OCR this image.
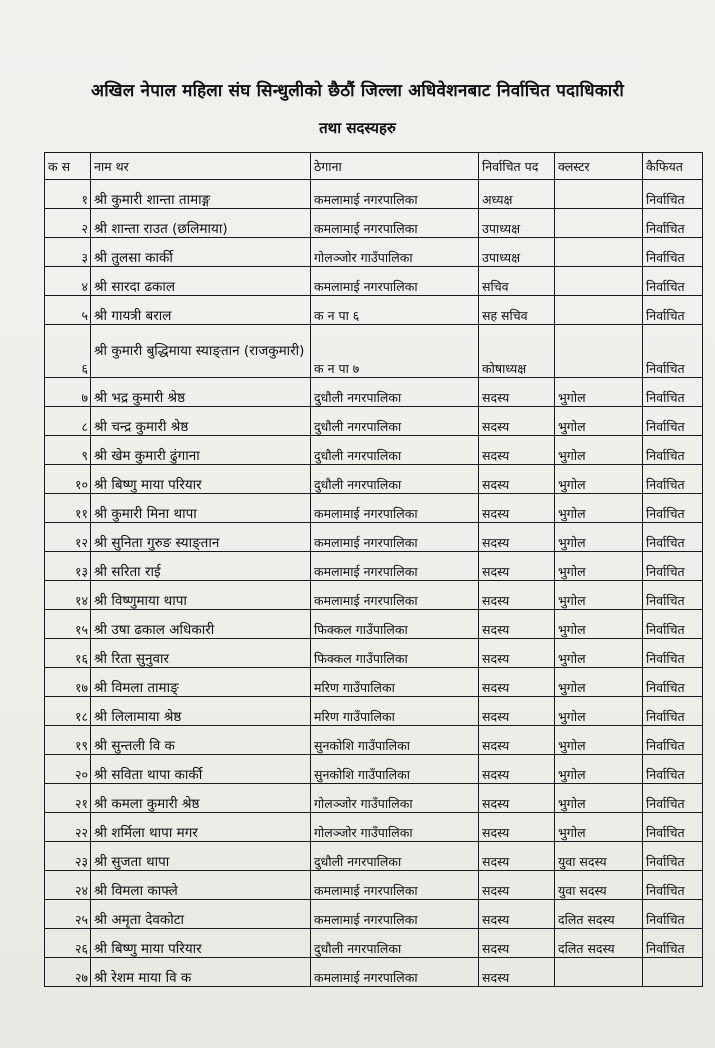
अखिल नेपाल महिला संघ सिन्धुलीको छैठौं जिल्ला अधिवेशनबाट निर्वाचित पदाधिकारी
तथा सदस्यहरु
क स	नाम थर	ठेगाना	निर्वाचित पद	क्लस्टर	कैफियत
१	श्री कुमारी शान्ता तामाङ्ग	कमलामाई नगरपालिका	अध्यक्ष		निर्वाचित
२	श्री शान्ता राउत (छलिमाया)	कमलामाई नगरपालिका	उपाध्यक्ष		निर्वाचित
३	श्री तुलसा कार्की	गोलञ्जोर गाउँपालिका	उपाध्यक्ष		निर्वाचित
४	श्री सारदा ढकाल	कमलामाई नगरपालिका	सचिव		निर्वाचित
५	श्री गायत्री बराल	क न पा ६	सह सचिव		निर्वाचित
६	श्री कुमारी बुद्धिमाया स्याङ्तान (राजकुमारी)	क न पा ७	कोषाध्यक्ष		निर्वाचित
७	श्री भद्र कुमारी श्रेष्ठ	दुधौली नगरपालिका	सदस्य	भुगोल	निर्वाचित
८	श्री चन्द्र कुमारी श्रेष्ठ	दुधौली नगरपालिका	सदस्य	भुगोल	निर्वाचित
९	श्री खेम कुमारी ढुंगाना	दुधौली नगरपालिका	सदस्य	भुगोल	निर्वाचित
१०	श्री बिष्णु माया परियार	दुधौली नगरपालिका	सदस्य	भुगोल	निर्वाचित
११	श्री कुमारी मिना थापा	कमलामाई नगरपालिका	सदस्य	भुगोल	निर्वाचित
१२	श्री सुनिता गुरुङ स्याङ्तान	कमलामाई नगरपालिका	सदस्य	भुगोल	निर्वाचित
१३	श्री सरिता राई	कमलामाई नगरपालिका	सदस्य	भुगोल	निर्वाचित
१४	श्री विष्णुमाया थापा	कमलामाई नगरपालिका	सदस्य	भुगोल	निर्वाचित
१५	श्री उषा ढकाल अधिकारी	फिक्कल गाउँपालिका	सदस्य	भुगोल	निर्वाचित
१६	श्री रिता सुनुवार	फिक्कल गाउँपालिका	सदस्य	भुगोल	निर्वाचित
१७	श्री विमला तामाङ्	मरिण गाउँपालिका	सदस्य	भुगोल	निर्वाचित
१८	श्री लिलामाया श्रेष्ठ	मरिण गाउँपालिका	सदस्य	भुगोल	निर्वाचित
१९	श्री सुन्तली वि क	सुनकोशि गाउँपालिका	सदस्य	भुगोल	निर्वाचित
२०	श्री सविता थापा कार्की	सुनकोशि गाउँपालिका	सदस्य	भुगोल	निर्वाचित
२१	श्री कमला कुमारी श्रेष्ठ	गोलञ्जोर गाउँपालिका	सदस्य	भुगोल	निर्वाचित
२२	श्री शर्मिला थापा मगर	गोलञ्जोर गाउँपालिका	सदस्य	भुगोल	निर्वाचित
२३	श्री सुजता थापा	दुधौली नगरपालिका	सदस्य	युवा सदस्य	निर्वाचित
२४	श्री विमला काफ्ले	कमलामाई नगरपालिका	सदस्य	युवा सदस्य	निर्वाचित
२५	श्री अमृता देवकोटा	कमलामाई नगरपालिका	सदस्य	दलित सदस्य	निर्वाचित
२६	श्री बिष्णु माया परियार	दुधौली नगरपालिका	सदस्य	दलित सदस्य	निर्वाचित
२७	श्री रेशम माया वि क	कमलामाई नगरपालिका	सदस्य		
